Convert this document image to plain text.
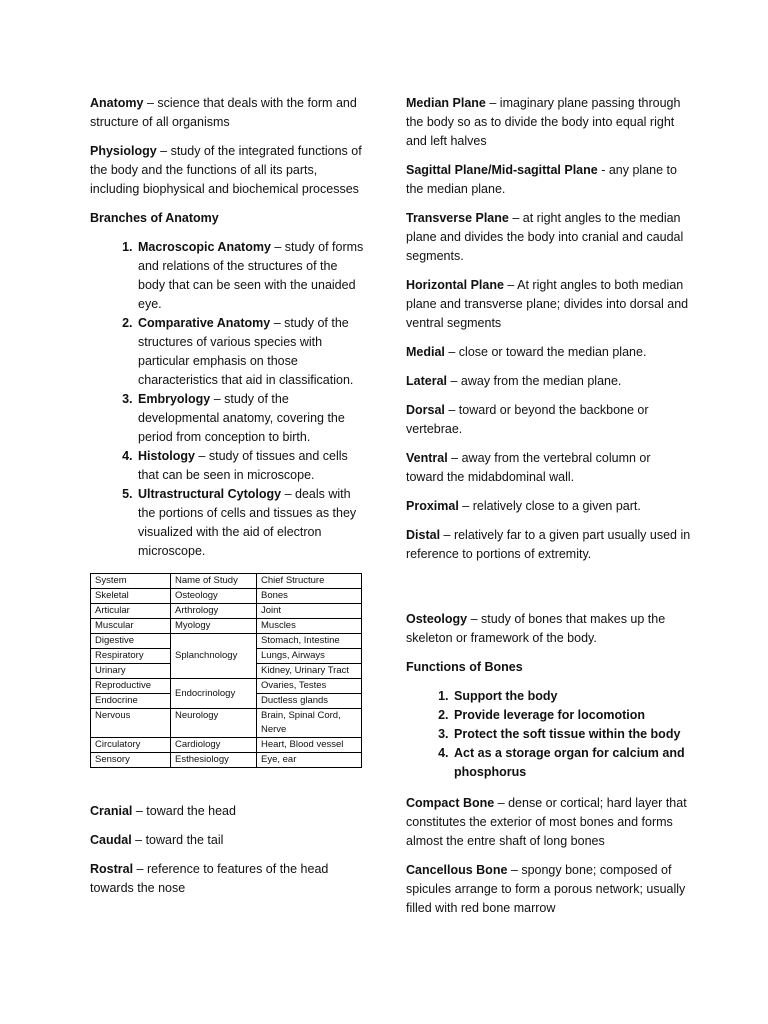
Anatomy – science that deals with the form and structure of all organisms

Physiology – study of the integrated functions of the body and the functions of all its parts, including biophysical and biochemical processes

Branches of Anatomy

1. Macroscopic Anatomy – study of forms and relations of the structures of the body that can be seen with the unaided eye.
2. Comparative Anatomy – study of the structures of various species with particular emphasis on those characteristics that aid in classification.
3. Embryology – study of the developmental anatomy, covering the period from conception to birth.
4. Histology – study of tissues and cells that can be seen in microscope.
5. Ultrastructural Cytology – deals with the portions of cells and tissues as they visualized with the aid of electron microscope.
System	Name of Study	Chief Structure
Skeletal	Osteology	Bones
Articular	Arthrology	Joint
Muscular	Myology	Muscles
Digestive	Splanchnology	Stomach, Intestine
Respiratory		Lungs, Airways
Urinary		Kidney, Urinary Tract
Reproductive	Endocrinology	Ovaries, Testes
Endocrine		Ductless glands
Nervous	Neurology	Brain, Spinal Cord, Nerve
Circulatory	Cardiology	Heart, Blood vessel
Sensory	Esthesiology	Eye, ear

Cranial – toward the head

Caudal – toward the tail

Rostral – reference to features of the head towards the nose

Median Plane – imaginary plane passing through the body so as to divide the body into equal right and left halves

Sagittal Plane/Mid-sagittal Plane - any plane to the median plane.

Transverse Plane – at right angles to the median plane and divides the body into cranial and caudal segments.

Horizontal Plane – At right angles to both median plane and transverse plane; divides into dorsal and ventral segments

Medial – close or toward the median plane.

Lateral – away from the median plane.

Dorsal – toward or beyond the backbone or vertebrae.

Ventral – away from the vertebral column or toward the midabdominal wall.

Proximal – relatively close to a given part.

Distal – relatively far to a given part usually used in reference to portions of extremity.

Osteology – study of bones that makes up the skeleton or framework of the body.

Functions of Bones

1. Support the body
2. Provide leverage for locomotion
3. Protect the soft tissue within the body
4. Act as a storage organ for calcium and phosphorus

Compact Bone – dense or cortical; hard layer that constitutes the exterior of most bones and forms almost the entre shaft of long bones

Cancellous Bone – spongy bone; composed of spicules arrange to form a porous network; usually filled with red bone marrow
